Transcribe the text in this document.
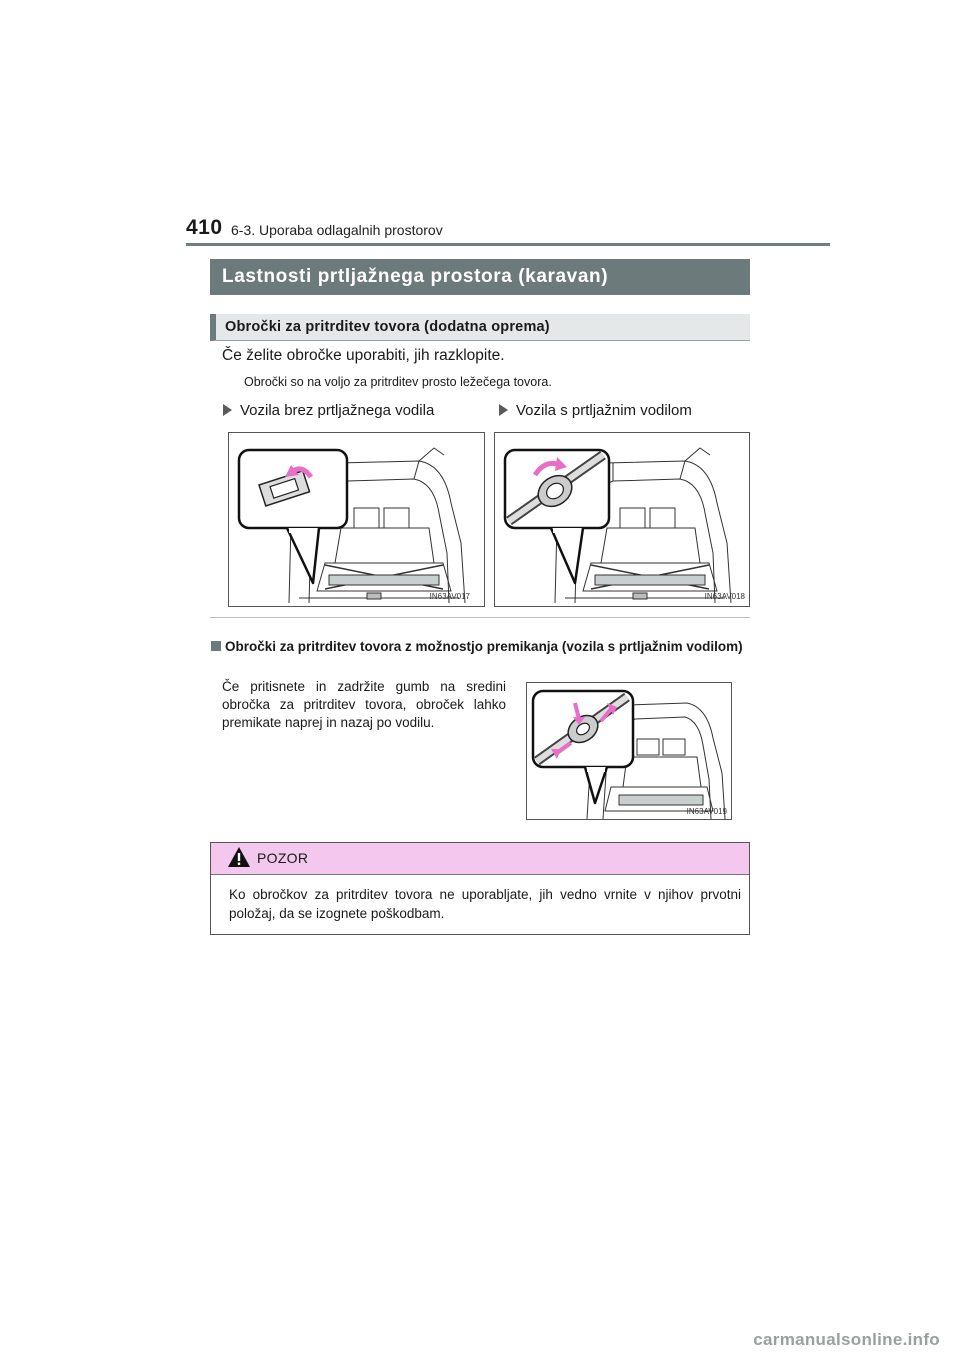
410 6-3. Uporaba odlagalnih prostorov
Lastnosti prtljažnega prostora (karavan)
Obročki za pritrditev tovora (dodatna oprema)
Če želite obročke uporabiti, jih razklopite.
Obročki so na voljo za pritrditev prosto ležečega tovora.
Vozila brez prtljažnega vodila	Vozila s prtljažnim vodilom
IN63AV017	IN63AV018
Obročki za pritrditev tovora z možnostjo premikanja (vozila s prtljažnim vodilom)
Če pritisnete in zadržite gumb na sredini obročka za pritrditev tovora, obroček lahko premikate naprej in nazaj po vodilu.
IN63AV019
POZOR
Ko obročkov za pritrditev tovora ne uporabljate, jih vedno vrnite v njihov prvotni položaj, da se izognete poškodbam.
carmanualsonline.info
